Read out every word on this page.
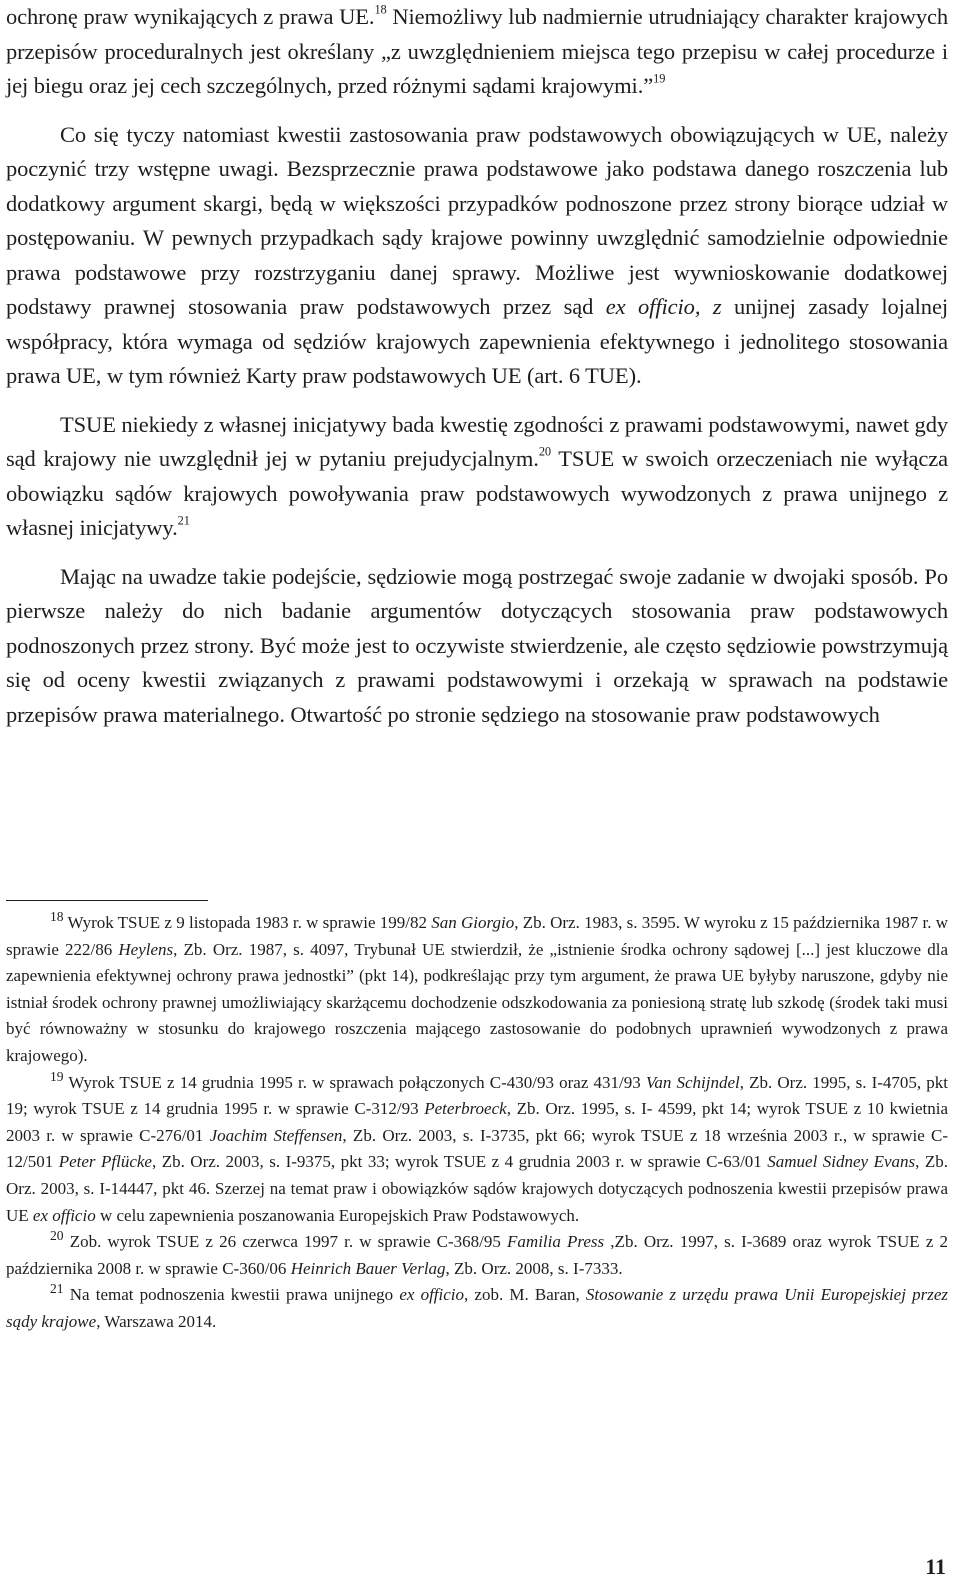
ochronę praw wynikających z prawa UE.$^{18}$ Niemożliwy lub nadmiernie utrudniający charakter krajowych przepisów proceduralnych jest określany „z uwzględnieniem miejsca tego przepisu w całej procedurze i jej biegu oraz jej cech szczególnych, przed różnymi sądami krajowymi.”$^{19}$

Co się tyczy natomiast kwestii zastosowania praw podstawowych obowiązujących w UE, należy poczynić trzy wstępne uwagi. Bezsprzecznie prawa podstawowe jako podstawa danego roszczenia lub dodatkowy argument skargi, będą w większości przypadków podnoszone przez strony biorące udział w postępowaniu. W pewnych przypadkach sądy krajowe powinny uwzględnić samodzielnie odpowiednie prawa podstawowe przy rozstrzyganiu danej sprawy. Możliwe jest wywnioskowanie dodatkowej podstawy prawnej stosowania praw podstawowych przez sąd ex officio, z unijnej zasady lojalnej współpracy, która wymaga od sędziów krajowych zapewnienia efektywnego i jednolitego stosowania prawa UE, w tym również Karty praw podstawowych UE (art. 6 TUE).

TSUE niekiedy z własnej inicjatywy bada kwestię zgodności z prawami podstawowymi, nawet gdy sąd krajowy nie uwzględnił jej w pytaniu prejudycjalnym.$^{20}$ TSUE w swoich orzeczeniach nie wyłącza obowiązku sądów krajowych powoływania praw podstawowych wywodzonych z prawa unijnego z własnej inicjatywy.$^{21}$

Mając na uwadze takie podejście, sędziowie mogą postrzegać swoje zadanie w dwojaki sposób. Po pierwsze należy do nich badanie argumentów dotyczących stosowania praw podstawowych podnoszonych przez strony. Być może jest to oczywiste stwierdzenie, ale często sędziowie powstrzymują się od oceny kwestii związanych z prawami podstawowymi i orzekają w sprawach na podstawie przepisów prawa materialnego. Otwartość po stronie sędziego na stosowanie praw podstawowych

$^{18}$ Wyrok TSUE z 9 listopada 1983 r. w sprawie 199/82 San Giorgio, Zb. Orz. 1983, s. 3595. W wyroku z 15 października 1987 r. w sprawie 222/86 Heylens, Zb. Orz. 1987, s. 4097, Trybunał UE stwierdził, że „istnienie środka ochrony sądowej [...] jest kluczowe dla zapewnienia efektywnej ochrony prawa jednostki” (pkt 14), podkreślając przy tym argument, że prawa UE byłyby naruszone, gdyby nie istniał środek ochrony prawnej umożliwiający skarżącemu dochodzenie odszkodowania za poniesioną stratę lub szkodę (środek taki musi być równoważny w stosunku do krajowego roszczenia mającego zastosowanie do podobnych uprawnień wywodzonych z prawa krajowego).

$^{19}$ Wyrok TSUE z 14 grudnia 1995 r. w sprawach połączonych C-430/93 oraz 431/93 Van Schijndel, Zb. Orz. 1995, s. I-4705, pkt 19; wyrok TSUE z 14 grudnia 1995 r. w sprawie C-312/93 Peterbroeck, Zb. Orz. 1995, s. I- 4599, pkt 14; wyrok TSUE z 10 kwietnia 2003 r. w sprawie C-276/01 Joachim Steffensen, Zb. Orz. 2003, s. I-3735, pkt 66; wyrok TSUE z 18 września 2003 r., w sprawie C-12/501 Peter Pflücke, Zb. Orz. 2003, s. I-9375, pkt 33; wyrok TSUE z 4 grudnia 2003 r. w sprawie C-63/01 Samuel Sidney Evans, Zb. Orz. 2003, s. I-14447, pkt 46. Szerzej na temat praw i obowiązków sądów krajowych dotyczących podnoszenia kwestii przepisów prawa UE ex officio w celu zapewnienia poszanowania Europejskich Praw Podstawowych.

$^{20}$ Zob. wyrok TSUE z 26 czerwca 1997 r. w sprawie C-368/95 Familia Press ,Zb. Orz. 1997, s. I-3689 oraz wyrok TSUE z 2 października 2008 r. w sprawie C-360/06 Heinrich Bauer Verlag, Zb. Orz. 2008, s. I-7333.

$^{21}$ Na temat podnoszenia kwestii prawa unijnego ex officio, zob. M. Baran, Stosowanie z urzędu prawa Unii Europejskiej przez sądy krajowe, Warszawa 2014.

11
